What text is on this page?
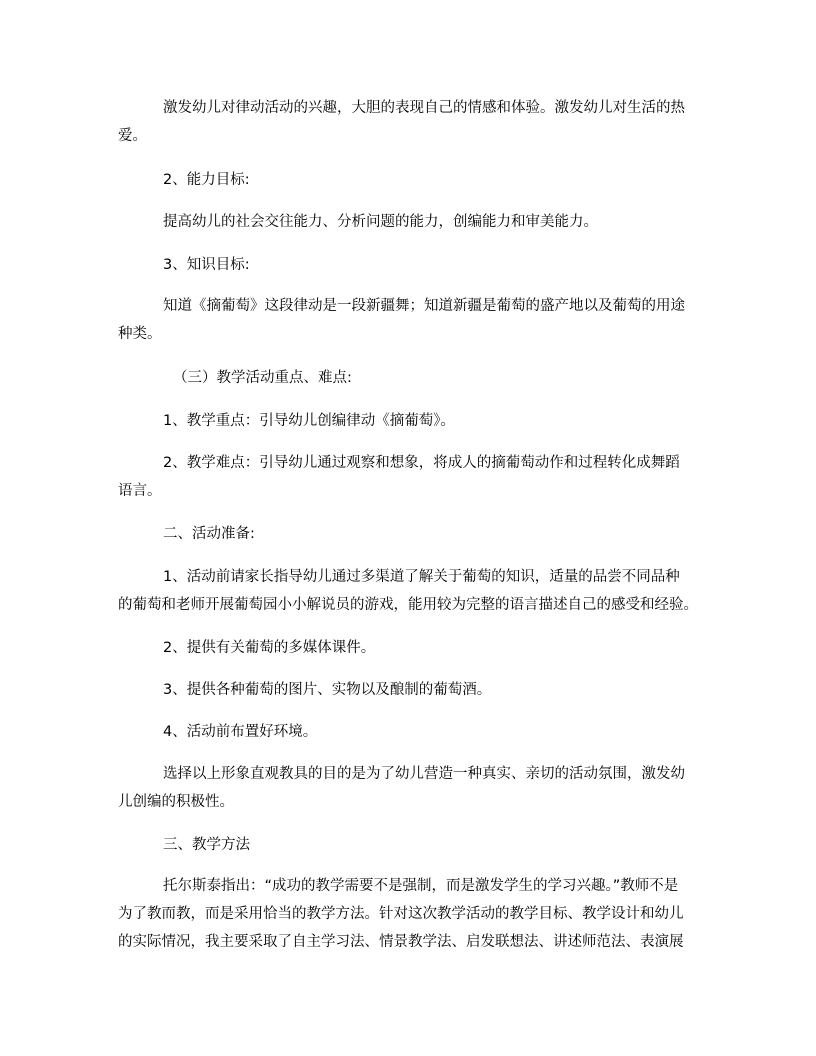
激发幼儿对律动活动的兴趣，大胆的表现自己的情感和体验。激发幼儿对生活的热
爱。

2、能力目标:

提高幼儿的社会交往能力、分析问题的能力，创编能力和审美能力。

3、知识目标:

知道《摘葡萄》这段律动是一段新疆舞；知道新疆是葡萄的盛产地以及葡萄的用途
种类。

（三）教学活动重点、难点:

1、教学重点：引导幼儿创编律动《摘葡萄》。

2、教学难点：引导幼儿通过观察和想象，将成人的摘葡萄动作和过程转化成舞蹈
语言。

二、活动准备:

1、活动前请家长指导幼儿通过多渠道了解关于葡萄的知识，适量的品尝不同品种
的葡萄和老师开展葡萄园小小解说员的游戏，能用较为完整的语言描述自己的感受和经验。

2、提供有关葡萄的多媒体课件。

3、提供各种葡萄的图片、实物以及酿制的葡萄酒。

4、活动前布置好环境。

选择以上形象直观教具的目的是为了幼儿营造一种真实、亲切的活动氛围，激发幼
儿创编的积极性。

三、教学方法

托尔斯泰指出：“成功的教学需要不是强制，而是激发学生的学习兴趣。”教师不是
为了教而教，而是采用恰当的教学方法。针对这次教学活动的教学目标、教学设计和幼儿
的实际情况，我主要采取了自主学习法、情景教学法、启发联想法、讲述师范法、表演展
